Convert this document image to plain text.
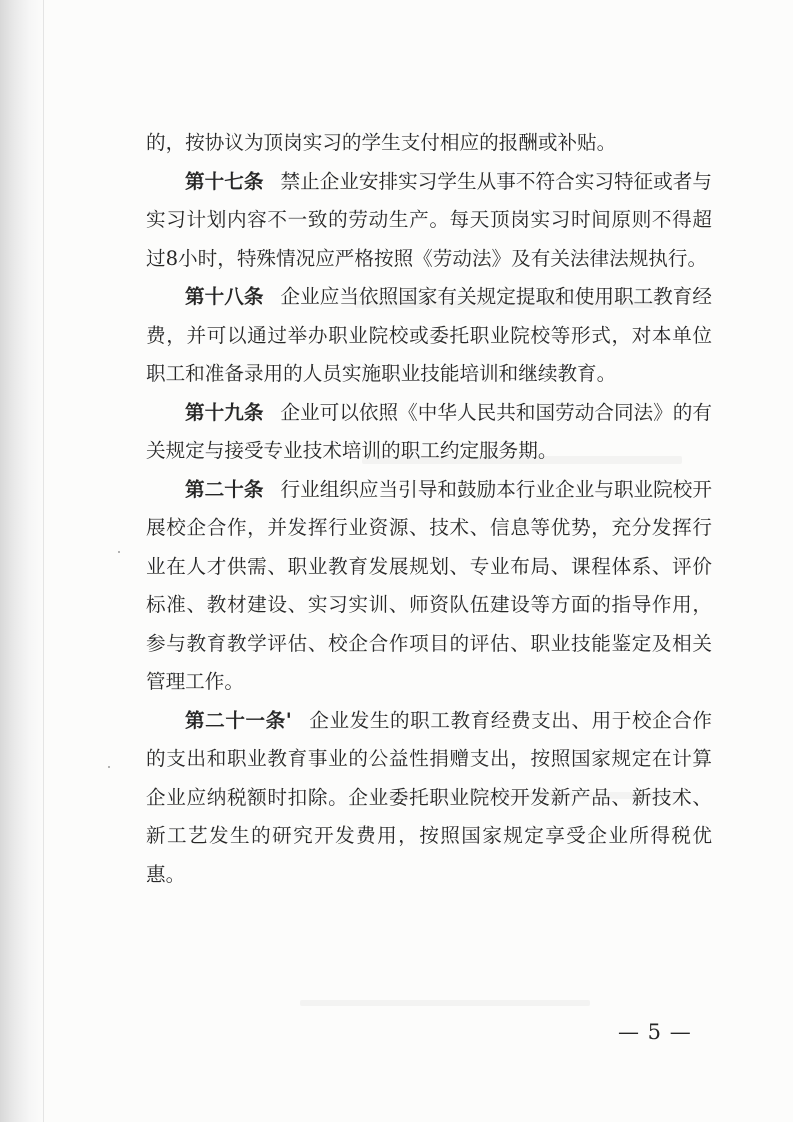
的，按协议为顶岗实习的学生支付相应的报酬或补贴。

第十七条 禁止企业安排实习学生从事不符合实习特征或者与实习计划内容不一致的劳动生产。每天顶岗实习时间原则不得超过8小时，特殊情况应严格按照《劳动法》及有关法律法规执行。

第十八条 企业应当依照国家有关规定提取和使用职工教育经费，并可以通过举办职业院校或委托职业院校等形式，对本单位职工和准备录用的人员实施职业技能培训和继续教育。

第十九条 企业可以依照《中华人民共和国劳动合同法》的有关规定与接受专业技术培训的职工约定服务期。

第二十条 行业组织应当引导和鼓励本行业企业与职业院校开展校企合作，并发挥行业资源、技术、信息等优势，充分发挥行业在人才供需、职业教育发展规划、专业布局、课程体系、评价标准、教材建设、实习实训、师资队伍建设等方面的指导作用，参与教育教学评估、校企合作项目的评估、职业技能鉴定及相关管理工作。

第二十一条' 企业发生的职工教育经费支出、用于校企合作的支出和职业教育事业的公益性捐赠支出，按照国家规定在计算企业应纳税额时扣除。企业委托职业院校开发新产品、新技术、新工艺发生的研究开发费用，按照国家规定享受企业所得税优惠。

— 5 —
